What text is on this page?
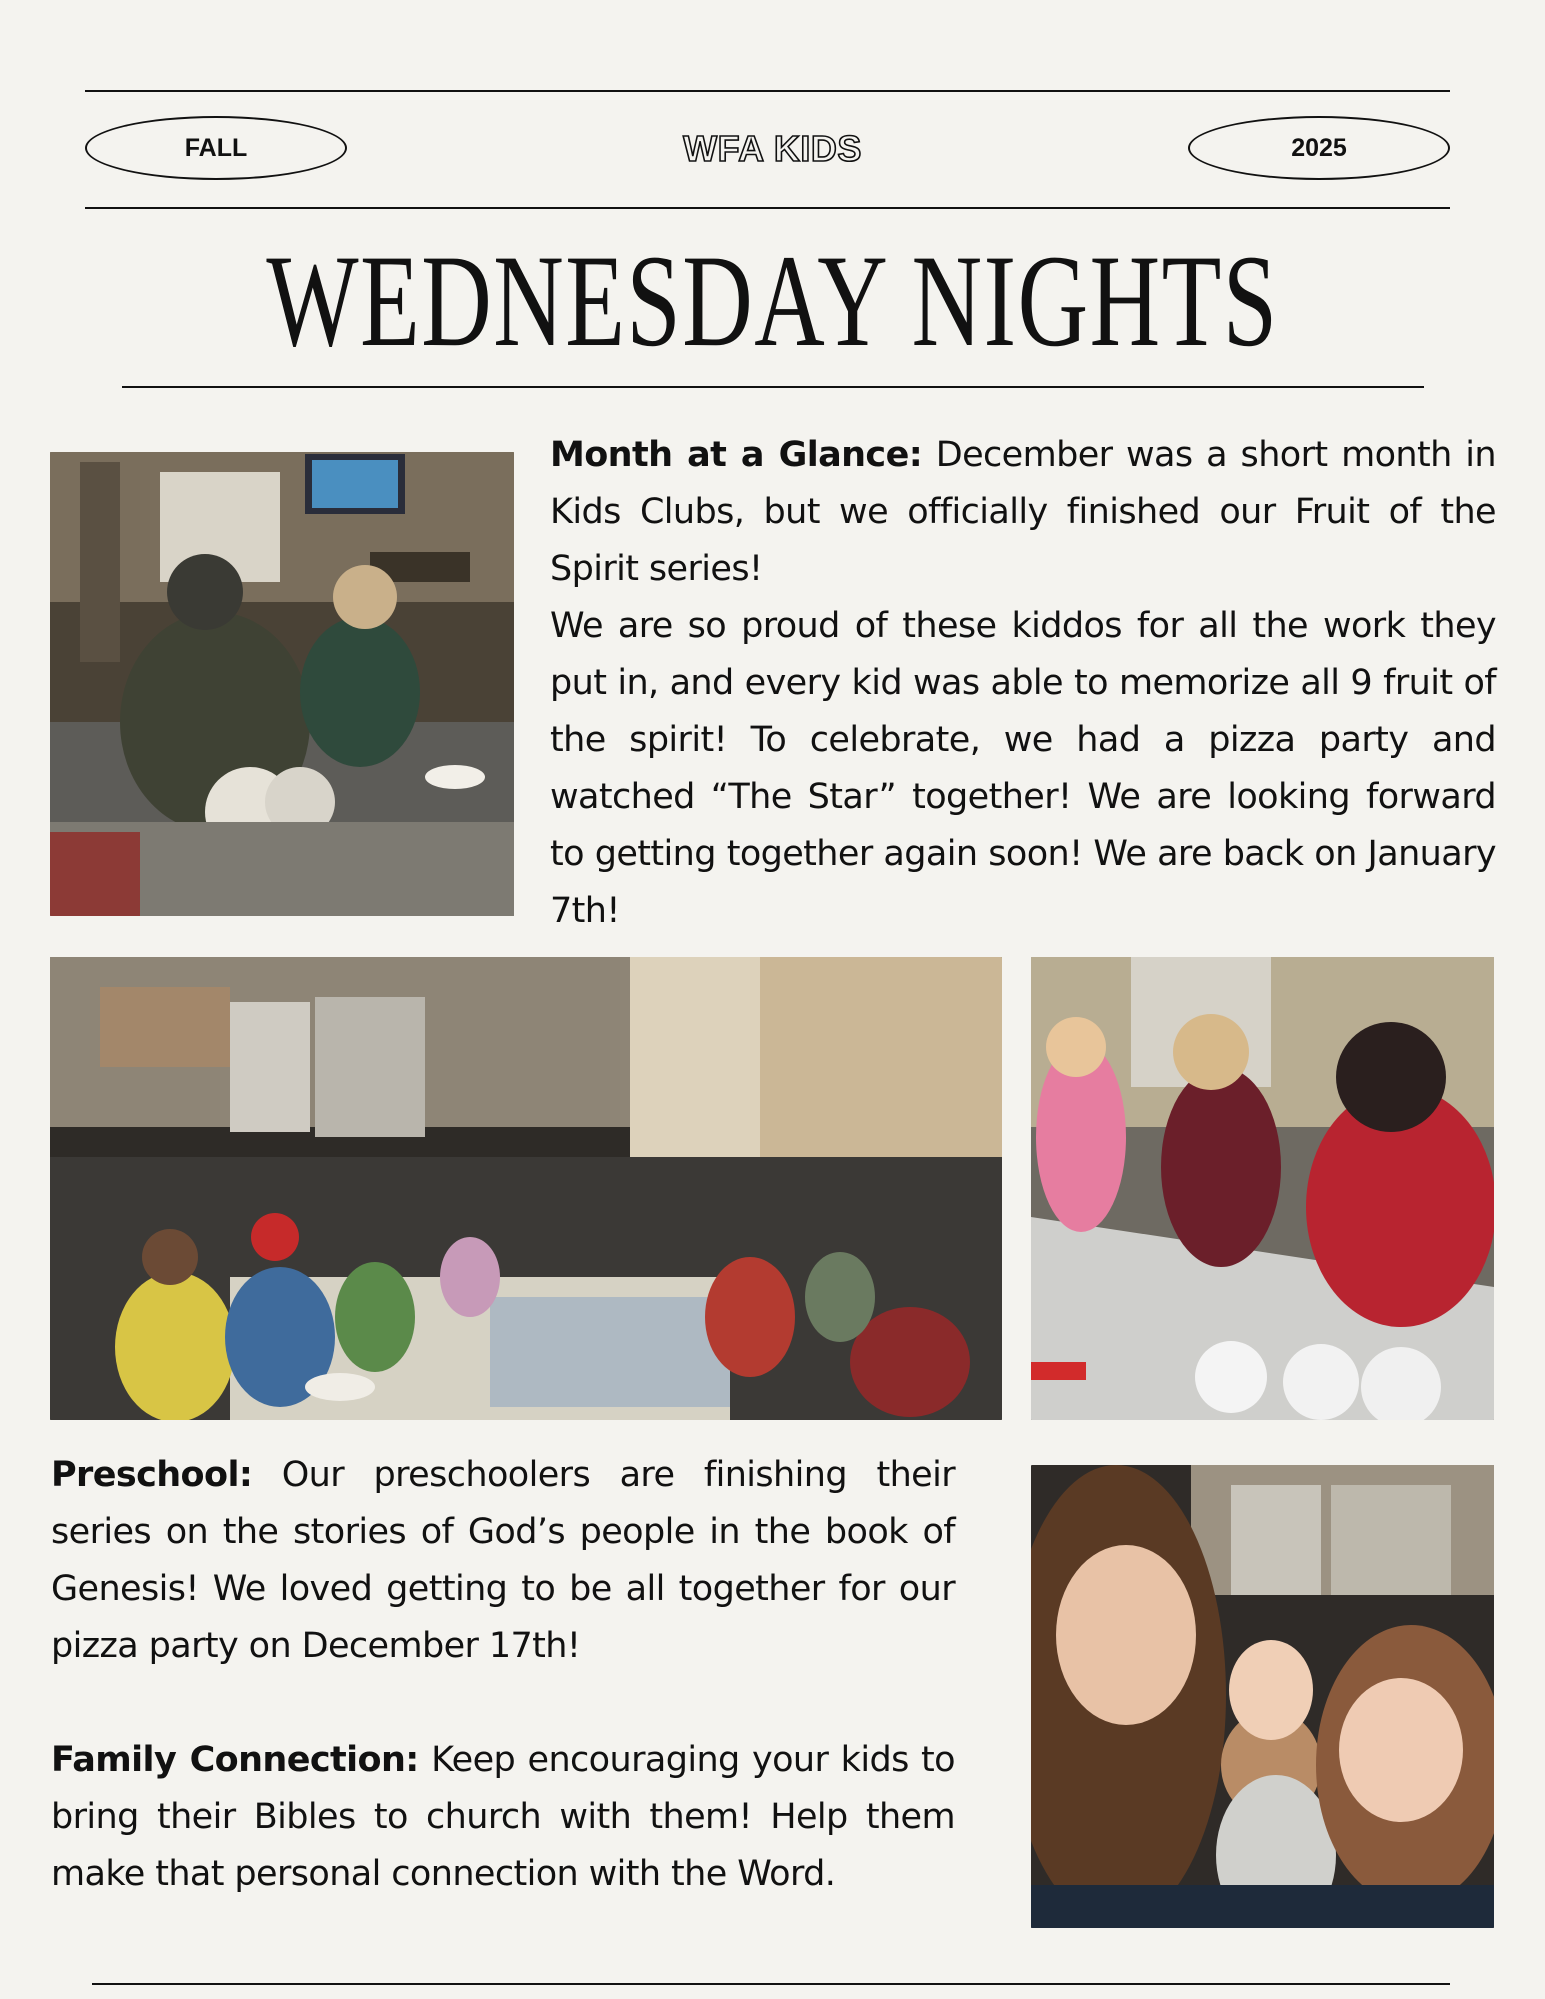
FALL	WFA KIDS	2025
WEDNESDAY NIGHTS

Month at a Glance: December was a short month in Kids Clubs, but we officially finished our Fruit of the Spirit series!

We are so proud of these kiddos for all the work they put in, and every kid was able to memorize all 9 fruit of the spirit! To celebrate, we had a pizza party and watched “The Star” together! We are looking forward to getting together again soon! We are back on January 7th!

Preschool: Our preschoolers are finishing their series on the stories of God’s people in the book of Genesis! We loved getting to be all together for our pizza party on December 17th!

Family Connection: Keep encouraging your kids to bring their Bibles to church with them! Help them make that personal connection with the Word.
